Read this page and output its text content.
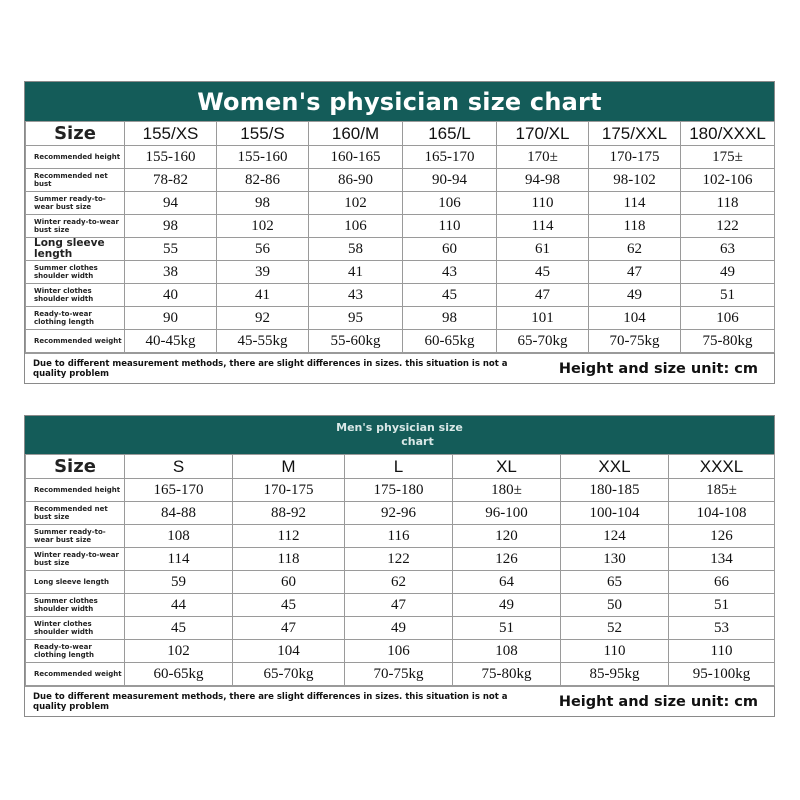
Women's physician size chart
Size	155/XS	155/S	160/M	165/L	170/XL	175/XXL	180/XXXL
Recommended height	155-160	155-160	160-165	165-170	170±	170-175	175±
Recommended net bust	78-82	82-86	86-90	90-94	94-98	98-102	102-106
Summer ready-to-wear bust size	94	98	102	106	110	114	118
Winter ready-to-wear bust size	98	102	106	110	114	118	122
Long sleeve length	55	56	58	60	61	62	63
Summer clothes shoulder width	38	39	41	43	45	47	49
Winter clothes shoulder width	40	41	43	45	47	49	51
Ready-to-wear clothing length	90	92	95	98	101	104	106
Recommended weight	40-45kg	45-55kg	55-60kg	60-65kg	65-70kg	70-75kg	75-80kg
Due to different measurement methods, there are slight differences in sizes. this situation is not a quality problem	Height and size unit: cm
Men's physician size
chart
Size	S	M	L	XL	XXL	XXXL
Recommended height	165-170	170-175	175-180	180±	180-185	185±
Recommended net bust size	84-88	88-92	92-96	96-100	100-104	104-108
Summer ready-to-wear bust size	108	112	116	120	124	126
Winter ready-to-wear bust size	114	118	122	126	130	134
Long sleeve length	59	60	62	64	65	66
Summer clothes shoulder width	44	45	47	49	50	51
Winter clothes shoulder width	45	47	49	51	52	53
Ready-to-wear clothing length	102	104	106	108	110	110
Recommended weight	60-65kg	65-70kg	70-75kg	75-80kg	85-95kg	95-100kg
Due to different measurement methods, there are slight differences in sizes. this situation is not a quality problem	Height and size unit: cm
